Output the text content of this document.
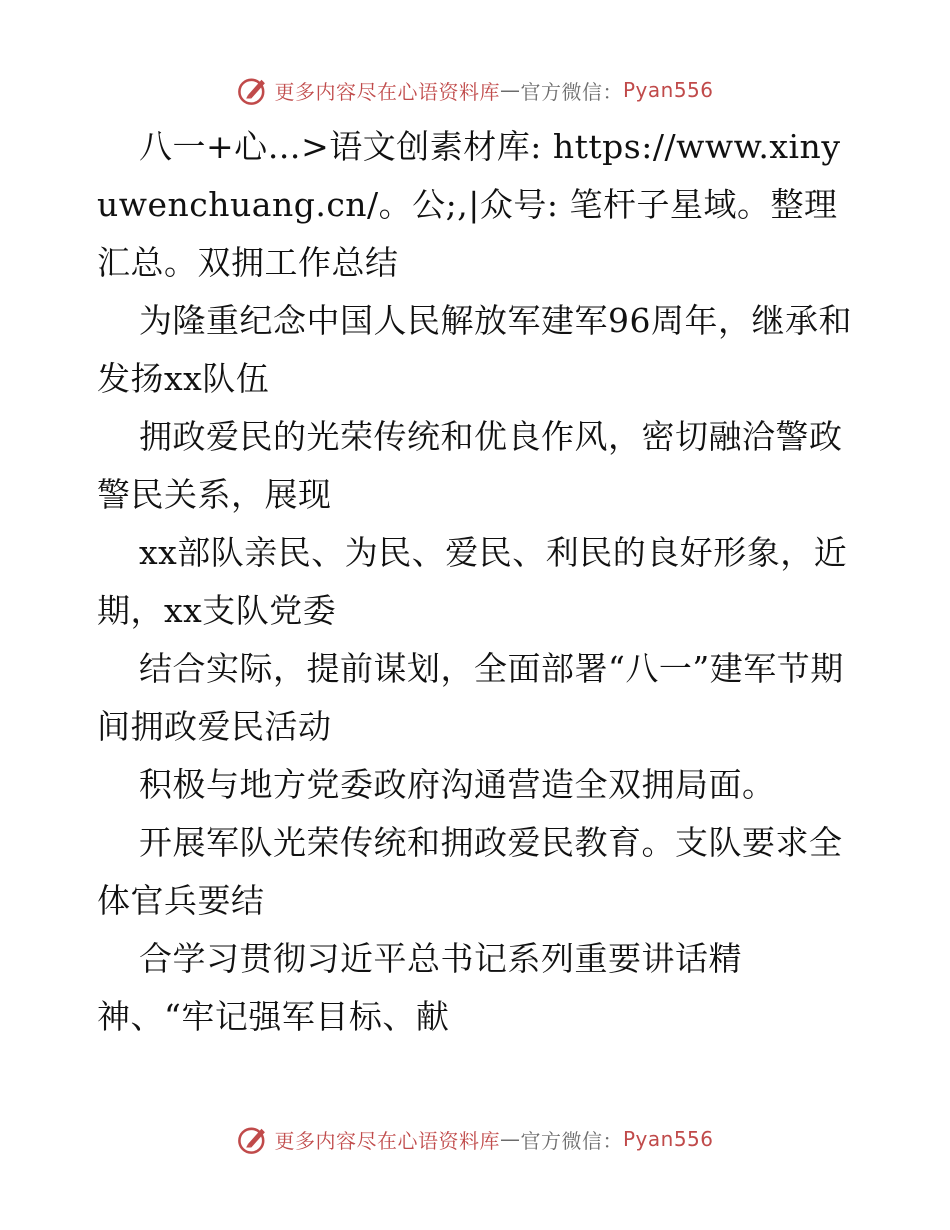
更多内容尽在心语资料库 — 官方微信： Pyan556

八一+心…>语文创素材库: https://www.xinyuwenchuang.cn/。公;,|众号: 笔杆子星域。整理汇总。双拥工作总结

为隆重纪念中国人民解放军建军96周年，继承和发扬xx队伍

拥政爱民的光荣传统和优良作风，密切融洽警政警民关系，展现

xx部队亲民、为民、爱民、利民的良好形象，近期，xx支队党委

结合实际，提前谋划，全面部署“八一”建军节期间拥政爱民活动

积极与地方党委政府沟通营造全双拥局面。

开展军队光荣传统和拥政爱民教育。支队要求全体官兵要结

合学习贯彻习近平总书记系列重要讲话精神、“牢记强军目标、献

更多内容尽在心语资料库 — 官方微信： Pyan556
